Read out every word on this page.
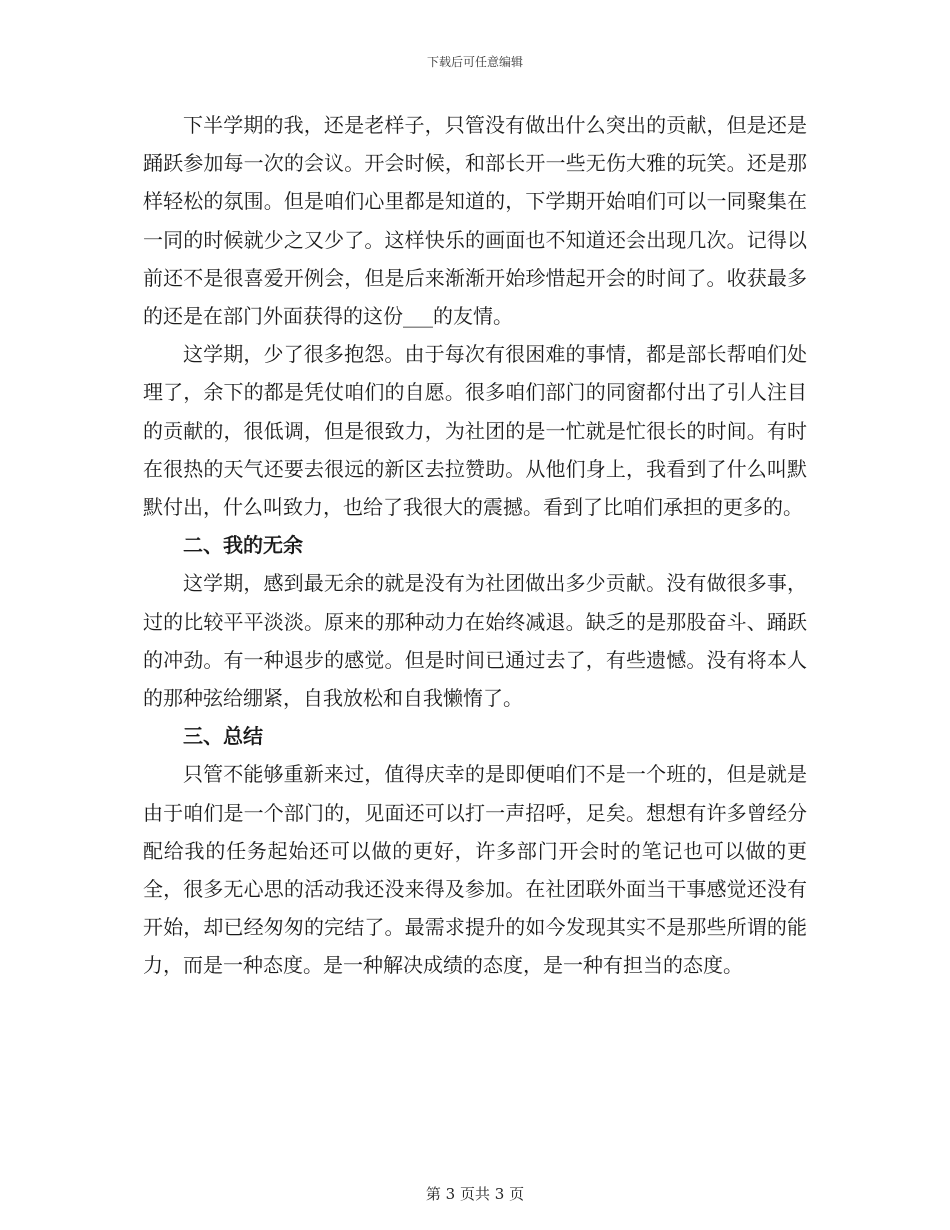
下载后可任意编辑

下半学期的我，还是老样子，只管没有做出什么突出的贡献，但是还是踊跃参加每一次的会议。开会时候，和部长开一些无伤大雅的玩笑。还是那样轻松的氛围。但是咱们心里都是知道的，下学期开始咱们可以一同聚集在一同的时候就少之又少了。这样快乐的画面也不知道还会出现几次。记得以前还不是很喜爱开例会，但是后来渐渐开始珍惜起开会的时间了。收获最多的还是在部门外面获得的这份___的友情。

这学期，少了很多抱怨。由于每次有很困难的事情，都是部长帮咱们处理了，余下的都是凭仗咱们的自愿。很多咱们部门的同窗都付出了引人注目的贡献的，很低调，但是很致力，为社团的是一忙就是忙很长的时间。有时在很热的天气还要去很远的新区去拉赞助。从他们身上，我看到了什么叫默默付出，什么叫致力，也给了我很大的震撼。看到了比咱们承担的更多的。

二、我的无余

这学期，感到最无余的就是没有为社团做出多少贡献。没有做很多事，过的比较平平淡淡。原来的那种动力在始终减退。缺乏的是那股奋斗、踊跃的冲劲。有一种退步的感觉。但是时间已通过去了，有些遗憾。没有将本人的那种弦给绷紧，自我放松和自我懒惰了。

三、总结

只管不能够重新来过，值得庆幸的是即便咱们不是一个班的，但是就是由于咱们是一个部门的，见面还可以打一声招呼，足矣。想想有许多曾经分配给我的任务起始还可以做的更好，许多部门开会时的笔记也可以做的更全，很多无心思的活动我还没来得及参加。在社团联外面当干事感觉还没有开始，却已经匆匆的完结了。最需求提升的如今发现其实不是那些所谓的能力，而是一种态度。是一种解决成绩的态度，是一种有担当的态度。

第 3 页共 3 页
